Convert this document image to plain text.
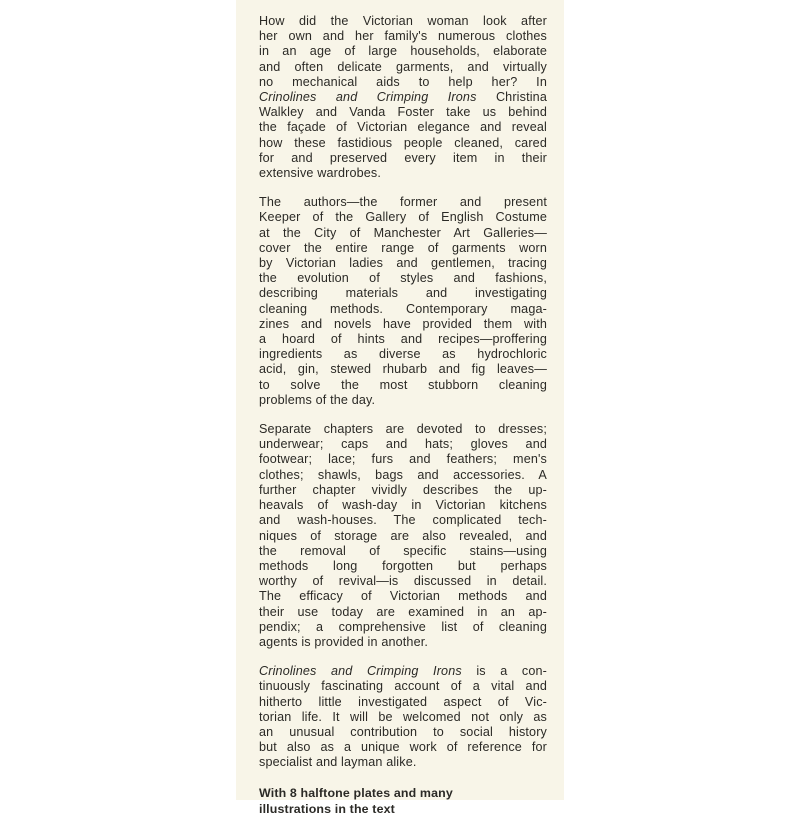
How did the Victorian woman look after
her own and her family's numerous clothes
in an age of large households, elaborate
and often delicate garments, and virtually
no mechanical aids to help her? In
Crinolines and Crimping Irons Christina
Walkley and Vanda Foster take us behind
the façade of Victorian elegance and reveal
how these fastidious people cleaned, cared
for and preserved every item in their
extensive wardrobes.

The authors—the former and present
Keeper of the Gallery of English Costume
at the City of Manchester Art Galleries—
cover the entire range of garments worn
by Victorian ladies and gentlemen, tracing
the evolution of styles and fashions,
describing materials and investigating
cleaning methods. Contemporary maga-
zines and novels have provided them with
a hoard of hints and recipes—proffering
ingredients as diverse as hydrochloric
acid, gin, stewed rhubarb and fig leaves—
to solve the most stubborn cleaning
problems of the day.

Separate chapters are devoted to dresses;
underwear; caps and hats; gloves and
footwear; lace; furs and feathers; men's
clothes; shawls, bags and accessories. A
further chapter vividly describes the up-
heavals of wash-day in Victorian kitchens
and wash-houses. The complicated tech-
niques of storage are also revealed, and
the removal of specific stains—using
methods long forgotten but perhaps
worthy of revival—is discussed in detail.
The efficacy of Victorian methods and
their use today are examined in an ap-
pendix; a comprehensive list of cleaning
agents is provided in another.

Crinolines and Crimping Irons is a con-
tinuously fascinating account of a vital and
hitherto little investigated aspect of Vic-
torian life. It will be welcomed not only as
an unusual contribution to social history
but also as a unique work of reference for
specialist and layman alike.

With 8 halftone plates and many
illustrations in the text
